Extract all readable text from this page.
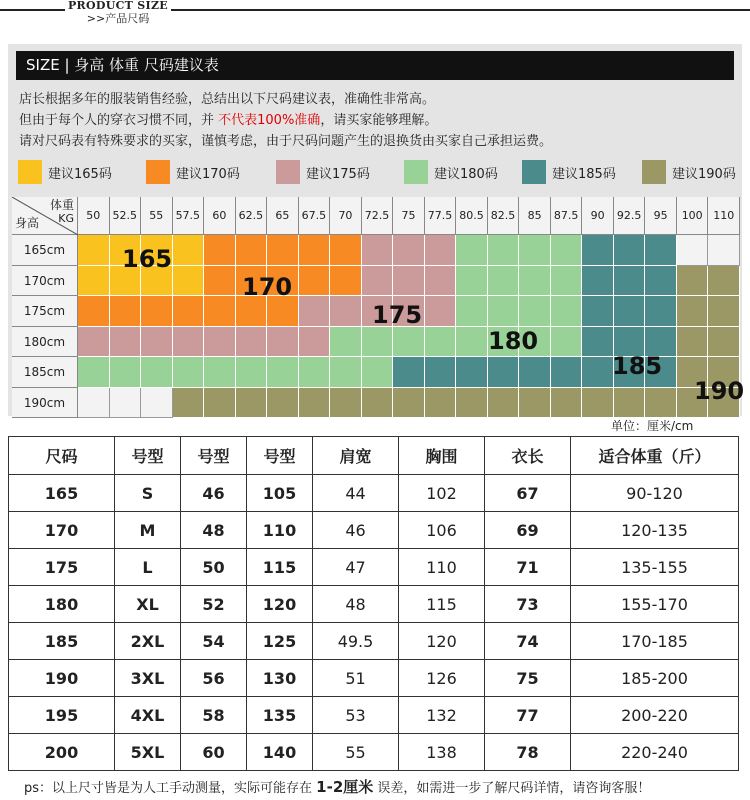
PRODUCT SIZE
>>产品尺码
SIZE | 身高 体重 尺码建议表
店长根据多年的服装销售经验，总结出以下尺码建议表，准确性非常高。
但由于每个人的穿衣习惯不同，并 不代表100%准确，请买家能够理解。
请对尺码表有特殊要求的买家，谨慎考虑，由于尺码问题产生的退换货由买家自己承担运费。
建议165码	建议170码	建议175码	建议180码	建议185码	建议190码
体重
KG
身高
50	52.5	55	57.5	60	62.5	65	67.5	70	72.5	75	77.5 80.5 82.5	85	87.5	90	92.5	95	100 110
165cm
170cm
175cm
180cm
185cm
190cm
165
170
175
180
185
190
单位：厘米/cm
尺码	号型	号型	号型	肩宽	胸围	衣长	适合体重（斤）
165	S	46	105	44	102	67	90-120
170	M	48	110	46	106	69	120-135
175	L	50	115	47	110	71	135-155
180	XL	52	120	48	115	73	155-170
185	2XL	54	125	49.5	120	74	170-185
190	3XL	56	130	51	126	75	185-200
195	4XL	58	135	53	132	77	200-220
200	5XL	60	140	55	138	78	220-240
ps：以上尺寸皆是为人工手动测量，实际可能存在 1-2厘米 误差，如需进一步了解尺码详情，请咨询客服！
